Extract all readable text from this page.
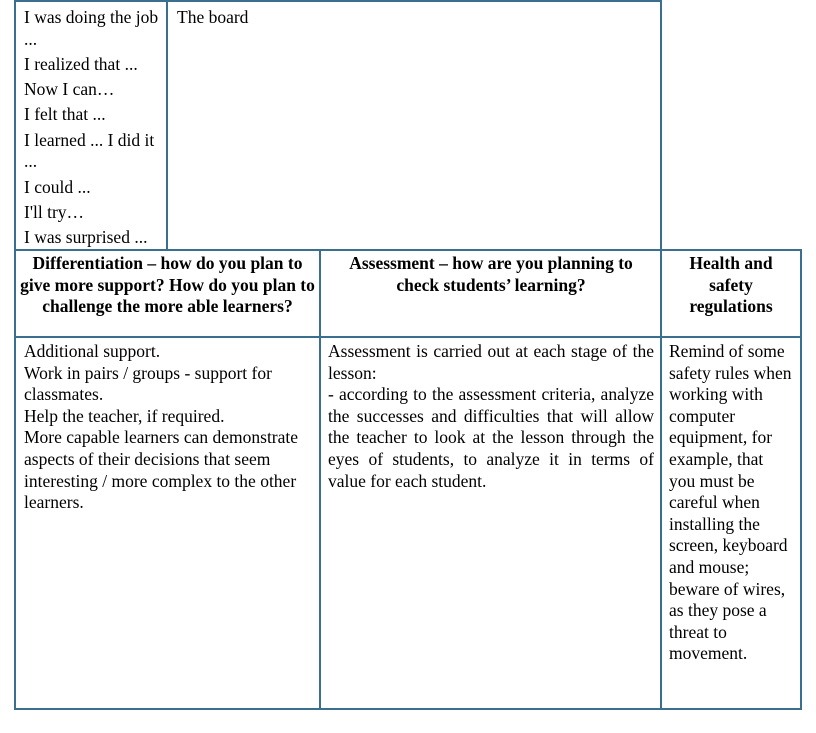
I was doing the job ...

I realized that ...

Now I can…

I felt that ...

I learned ... I did it ...

I could ...

I'll try…

I was surprised ...

The board
Differentiation – how do you plan to give more support? How do you plan to challenge the more able learners?
Assessment – how are you planning to check students’ learning?
Health and safety regulations

Additional support.

Work in pairs / groups - support for classmates.

Help the teacher, if required.

More capable learners can demonstrate aspects of their decisions that seem interesting / more complex to the other learners.

Assessment is carried out at each stage of the lesson:

- according to the assessment criteria, analyze the successes and difficulties that will allow the teacher to look at the lesson through the eyes of students, to analyze it in terms of value for each student.

Remind of some safety rules when working with computer equipment, for example, that you must be careful when installing the screen, keyboard and mouse; beware of wires, as they pose a threat to movement.
